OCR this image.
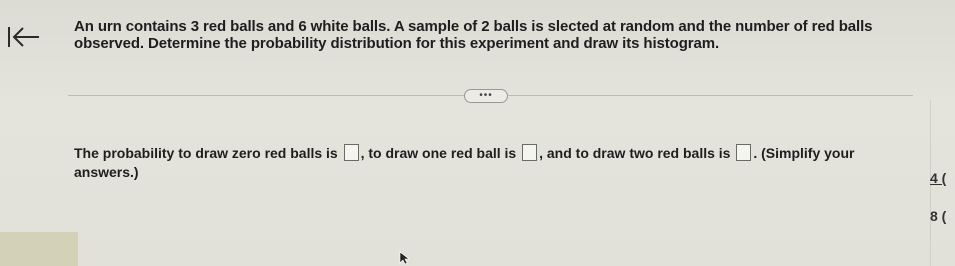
An urn contains 3 red balls and 6 white balls. A sample of 2 balls is slected at random and the number of red balls observed. Determine the probability distribution for this experiment and draw its histogram.
•••
The probability to draw zero red balls is , to draw one red ball is , and to draw two red balls is . (Simplify your answers.)	4 (
8 (
